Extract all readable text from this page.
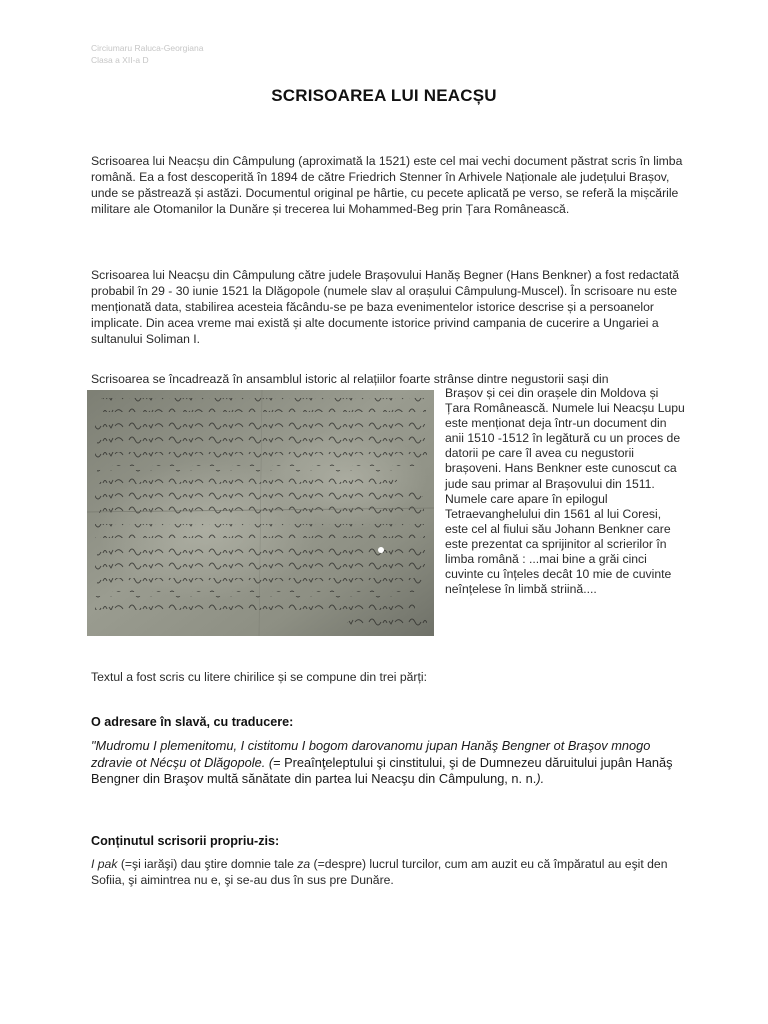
Circiumaru Raluca-Georgiana
Clasa a XII-a D
SCRISOAREA LUI NEACȘU

Scrisoarea lui Neacșu din Câmpulung (aproximată la 1521) este cel mai vechi document păstrat scris în limba română. Ea a fost descoperită în 1894 de către Friedrich Stenner în Arhivele Naționale ale județului Brașov, unde se păstrează și astăzi. Documentul original pe hârtie, cu pecete aplicată pe verso, se referă la mișcările militare ale Otomanilor la Dunăre și trecerea lui Mohammed-Beg prin Țara Românească.

Scrisoarea lui Neacșu din Câmpulung către judele Brașovului Hanăș Begner (Hans Benkner) a fost redactată probabil în 29 - 30 iunie 1521 la Dlăgopole (numele slav al orașului Câmpulung-Muscel). În scrisoare nu este menționată data, stabilirea acesteia făcându-se pe baza evenimentelor istorice descrise și a persoanelor implicate. Din acea vreme mai există și alte documente istorice privind campania de cucerire a Ungariei a sultanului Soliman I.

Scrisoarea se încadrează în ansamblul istoric al relațiilor foarte strânse dintre negustorii sași din

Brașov și cei din orașele din Moldova și Țara Românească. Numele lui Neacșu Lupu este menționat deja într-un document din anii 1510 -1512 în legătură cu un proces de datorii pe care îl avea cu negustorii brașoveni. Hans Benkner este cunoscut ca jude sau primar al Brașovului din 1511. Numele care apare în epilogul Tetraevanghelului din 1561 al lui Coresi, este cel al fiului său Johann Benkner care este prezentat ca sprijinitor al scrierilor în limba română : ...mai bine a grăi cinci cuvinte cu înțeles decât 10 mie de cuvinte neînțelese în limbă striină....

Textul a fost scris cu litere chirilice și se compune din trei părți:

O adresare în slavă, cu traducere:

"Mudromu I plemenitomu, I cistitomu I bogom darovanomu jupan Hanăş Bengner ot Braşov mnogo zdravie ot Nécşu ot Dlăgopole. (= Preaînţeleptului şi cinstitului, şi de Dumnezeu dăruitului jupân Hanăş Bengner din Braşov multă sănătate din partea lui Neacşu din Câmpulung, n. n.).

Conținutul scrisorii propriu-zis:

I pak (=şi iarăşi) dau ştire domnie tale za (=despre) lucrul turcilor, cum am auzit eu că împăratul au eşit den Sofiia, şi aimintrea nu e, şi se-au dus în sus pre Dunăre.
